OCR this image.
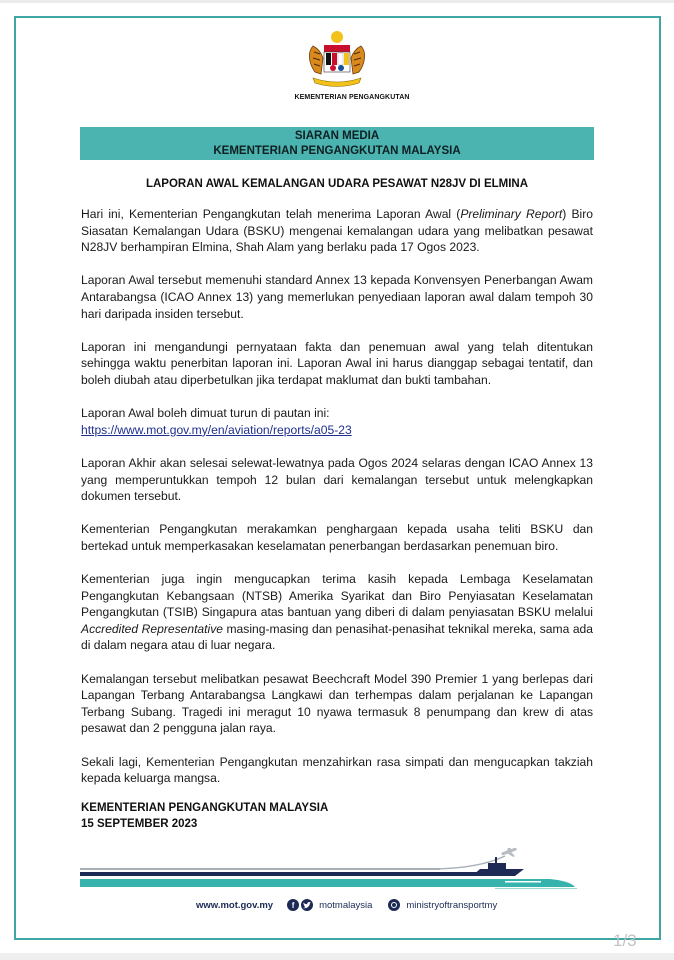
KEMENTERIAN PENGANGKUTAN
SIARAN MEDIA
KEMENTERIAN PENGANGKUTAN MALAYSIA
LAPORAN AWAL KEMALANGAN UDARA PESAWAT N28JV DI ELMINA

Hari ini, Kementerian Pengangkutan telah menerima Laporan Awal (Preliminary Report) Biro Siasatan Kemalangan Udara (BSKU) mengenai kemalangan udara yang melibatkan pesawat N28JV berhampiran Elmina, Shah Alam yang berlaku pada 17 Ogos 2023.

Laporan Awal tersebut memenuhi standard Annex 13 kepada Konvensyen Penerbangan Awam Antarabangsa (ICAO Annex 13) yang memerlukan penyediaan laporan awal dalam tempoh 30 hari daripada insiden tersebut.

Laporan ini mengandungi pernyataan fakta dan penemuan awal yang telah ditentukan sehingga waktu penerbitan laporan ini. Laporan Awal ini harus dianggap sebagai tentatif, dan boleh diubah atau diperbetulkan jika terdapat maklumat dan bukti tambahan.

Laporan Awal boleh dimuat turun di pautan ini:

https://www.mot.gov.my/en/aviation/reports/a05-23

Laporan Akhir akan selesai selewat-lewatnya pada Ogos 2024 selaras dengan ICAO Annex 13 yang memperuntukkan tempoh 12 bulan dari kemalangan tersebut untuk melengkapkan dokumen tersebut.

Kementerian Pengangkutan merakamkan penghargaan kepada usaha teliti BSKU dan bertekad untuk memperkasakan keselamatan penerbangan berdasarkan penemuan biro.

Kementerian juga ingin mengucapkan terima kasih kepada Lembaga Keselamatan Pengangkutan Kebangsaan (NTSB) Amerika Syarikat dan Biro Penyiasatan Keselamatan Pengangkutan (TSIB) Singapura atas bantuan yang diberi di dalam penyiasatan BSKU melalui Accredited Representative masing-masing dan penasihat-penasihat teknikal mereka, sama ada di dalam negara atau di luar negara.

Kemalangan tersebut melibatkan pesawat Beechcraft Model 390 Premier 1 yang berlepas dari Lapangan Terbang Antarabangsa Langkawi dan terhempas dalam perjalanan ke Lapangan Terbang Subang. Tragedi ini meragut 10 nyawa termasuk 8 penumpang dan krew di atas pesawat dan 2 pengguna jalan raya.

Sekali lagi, Kementerian Pengangkutan menzahirkan rasa simpati dan mengucapkan takziah kepada keluarga mangsa.

KEMENTERIAN PENGANGKUTAN MALAYSIA
15 SEPTEMBER 2023
www.mot.gov.my	f	motmalaysia	ministryoftransportmy
1/3
